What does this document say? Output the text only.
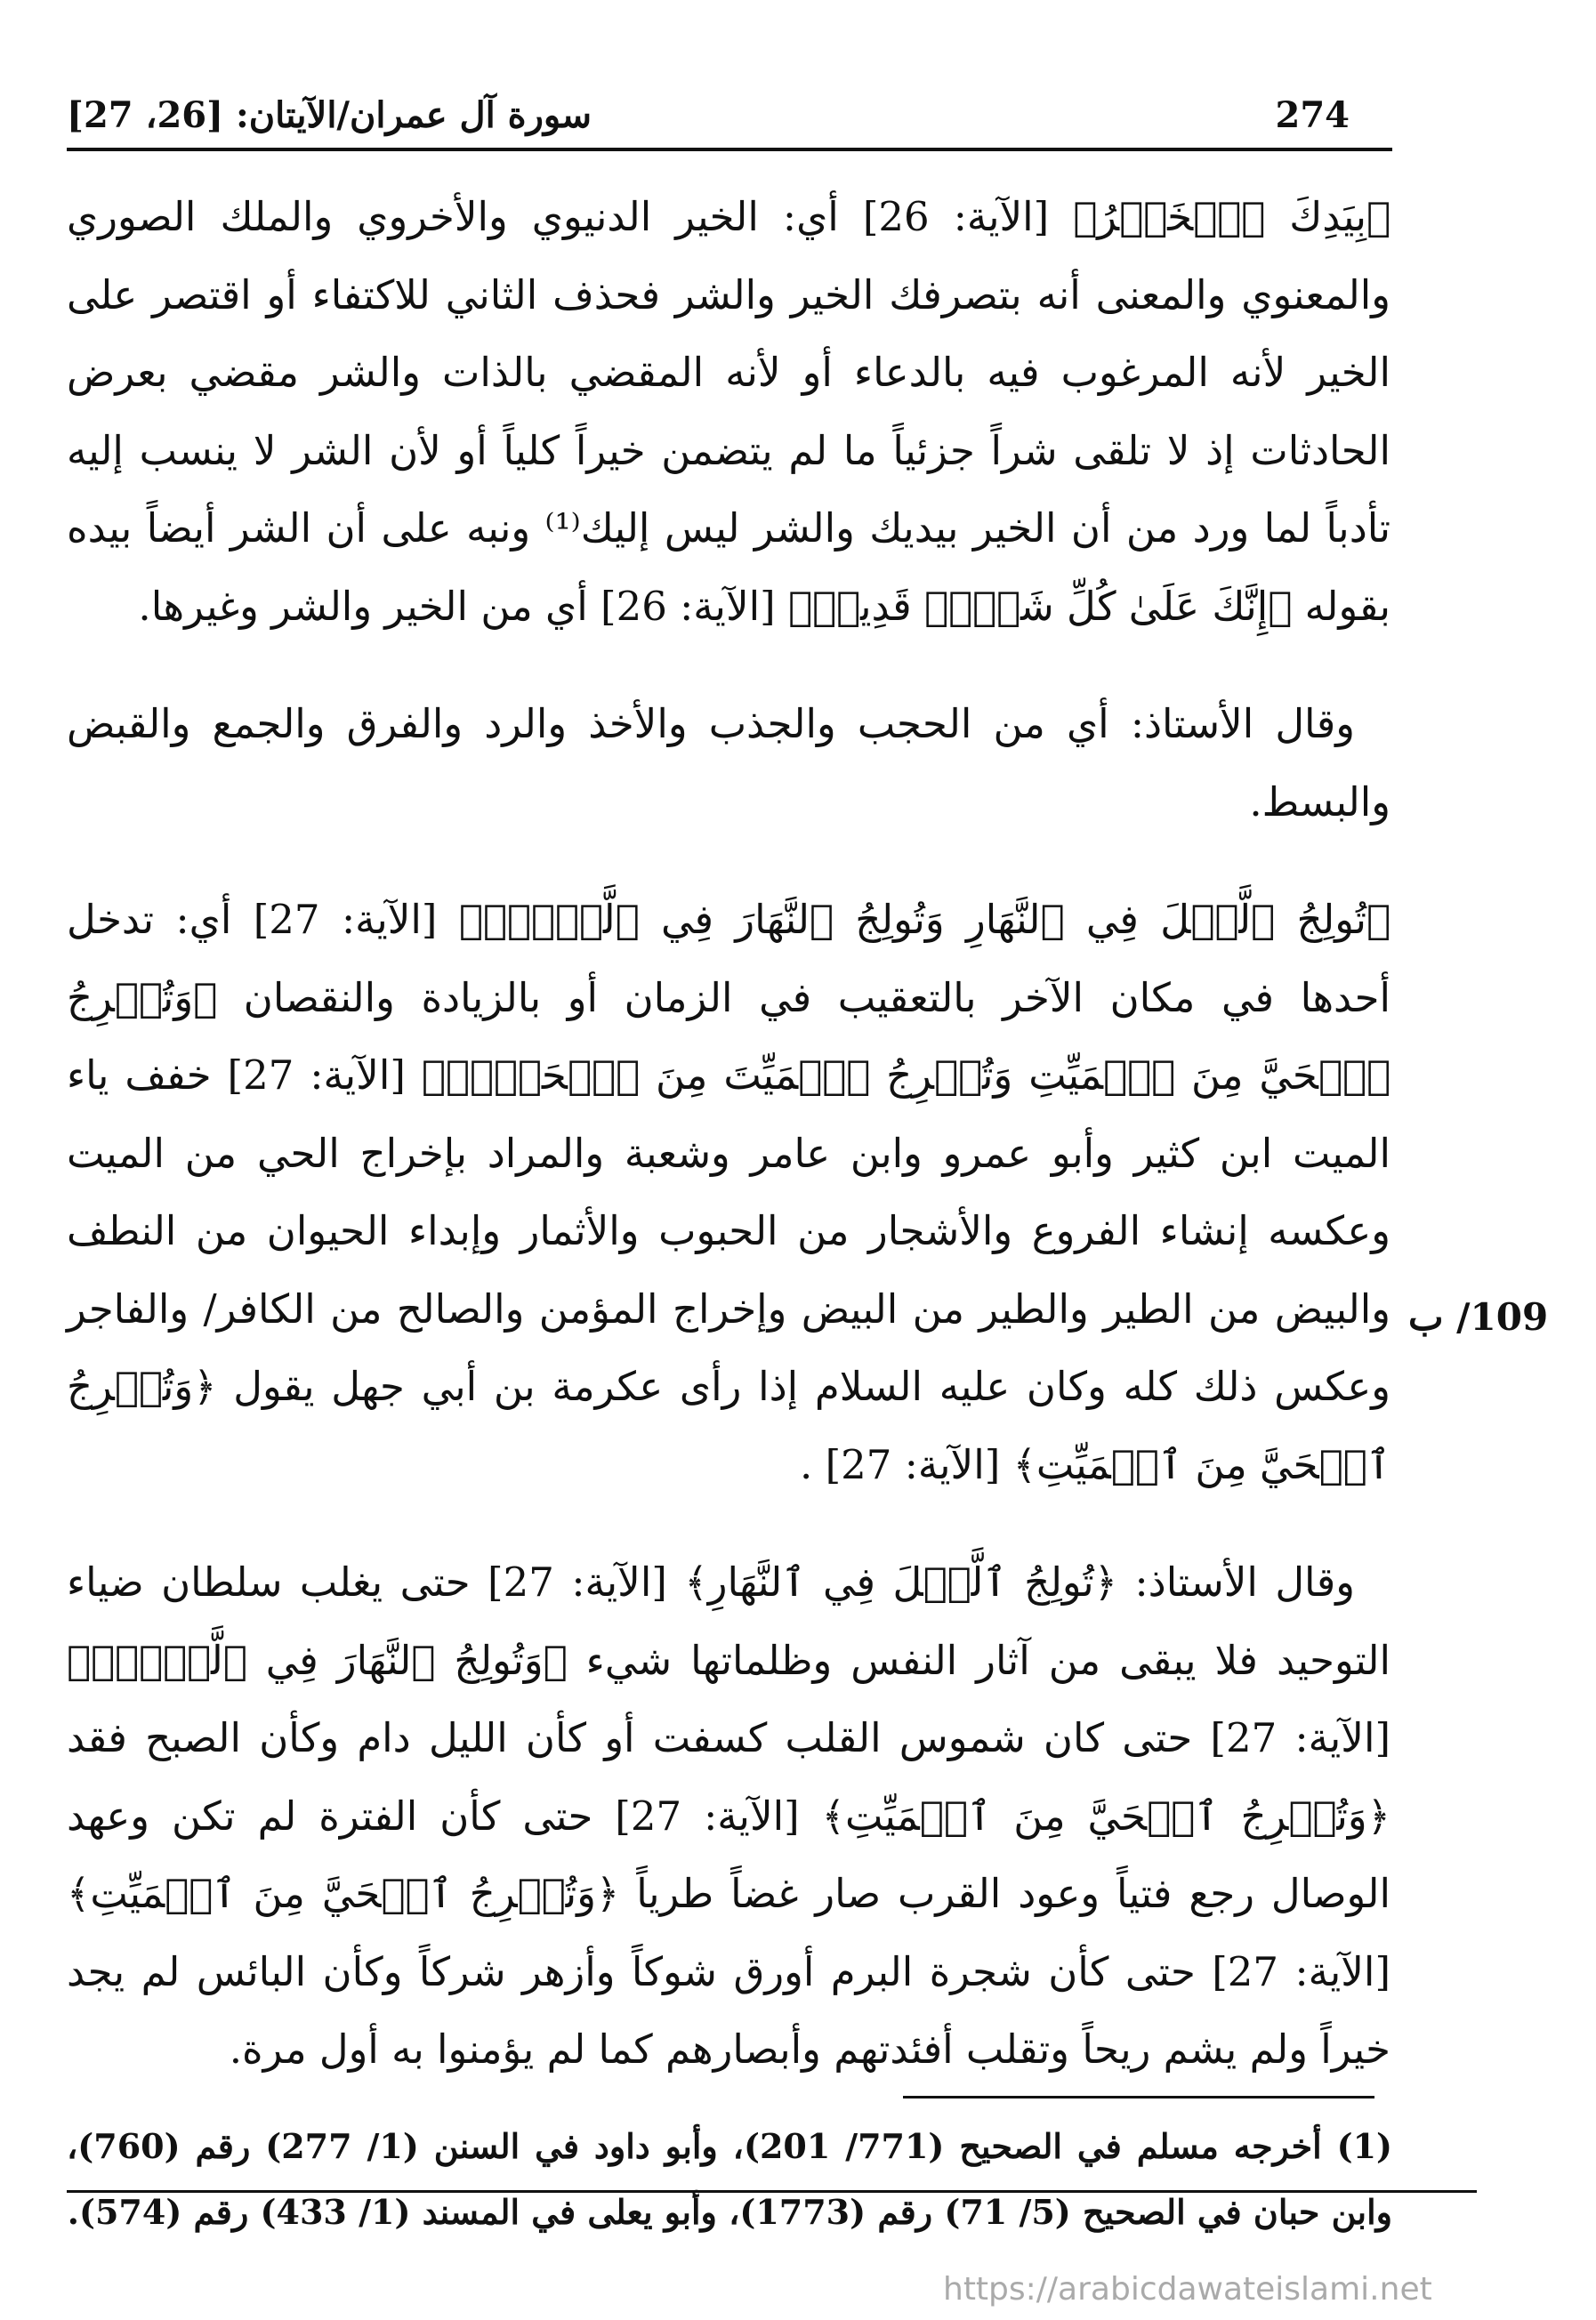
274
سورة آل عمران/الآيتان: [26، 27]

﴿بِيَدِكَ ٱلۡخَيۡرُ﴾ [الآية: 26] أي: الخير الدنيوي والأخروي والملك الصوري والمعنوي والمعنى أنه بتصرفك الخير والشر فحذف الثاني للاكتفاء أو اقتصر على الخير لأنه المرغوب فيه بالدعاء أو لأنه المقضي بالذات والشر مقضي بعرض الحادثات إذ لا تلقى شراً جزئياً ما لم يتضمن خيراً كلياً أو لأن الشر لا ينسب إليه تأدباً لما ورد من أن الخير بيديك والشر ليس إليك⁽¹⁾ ونبه على أن الشر أيضاً بيده بقوله ﴿إِنَّكَ عَلَىٰ كُلِّ شَيۡءٖ قَدِيرٞ﴾ [الآية: 26] أي من الخير والشر وغيرها.

وقال الأستاذ: أي من الحجب والجذب والأخذ والرد والفرق والجمع والقبض والبسط.

﴿تُولِجُ ٱلَّيۡلَ فِي ٱلنَّهَارِ وَتُولِجُ ٱلنَّهَارَ فِي ٱلَّيۡلِۖ﴾ [الآية: 27] أي: تدخل أحدها في مكان الآخر بالتعقيب في الزمان أو بالزيادة والنقصان ﴿وَتُخۡرِجُ ٱلۡحَيَّ مِنَ ٱلۡمَيِّتِ وَتُخۡرِجُ ٱلۡمَيِّتَ مِنَ ٱلۡحَيِّۖ﴾ [الآية: 27] خفف ياء الميت ابن كثير وأبو عمرو وابن عامر وشعبة والمراد بإخراج الحي من الميت وعكسه إنشاء الفروع والأشجار من الحبوب والأثمار وإبداء الحيوان من النطف والبيض من الطير والطير من البيض وإخراج المؤمن والصالح من الكافر/ والفاجر وعكس ذلك كله وكان عليه السلام إذا رأى عكرمة بن أبي جهل يقول ﴿وَتُخۡرِجُ ٱلۡحَيَّ مِنَ ٱلۡمَيِّتِ﴾ [الآية: 27] .

وقال الأستاذ: ﴿تُولِجُ ٱلَّيۡلَ فِي ٱلنَّهَارِ﴾ [الآية: 27] حتى يغلب سلطان ضياء التوحيد فلا يبقى من آثار النفس وظلماتها شيء ﴿وَتُولِجُ ٱلنَّهَارَ فِي ٱلَّيۡلِۖ﴾ [الآية: 27] حتى كان شموس القلب كسفت أو كأن الليل دام وكأن الصبح فقد ﴿وَتُخۡرِجُ ٱلۡحَيَّ مِنَ ٱلۡمَيِّتِ﴾ [الآية: 27] حتى كأن الفترة لم تكن وعهد الوصال رجع فتياً وعود القرب صار غضاً طرياً ﴿وَتُخۡرِجُ ٱلۡحَيَّ مِنَ ٱلۡمَيِّتِ﴾ [الآية: 27] حتى كأن شجرة البرم أورق شوكاً وأزهر شركاً وكأن البائس لم يجد خيراً ولم يشم ريحاً وتقلب أفئدتهم وأبصارهم كما لم يؤمنوا به أول مرة.

109/ ب
(1) أخرجه مسلم في الصحيح (771/ 201)، وأبو داود في السنن (1/ 277) رقم (760)، وابن حبان في الصحيح (5/ 71) رقم (1773)، وأبو يعلى في المسند (1/ 433) رقم (574).
https://arabicdawateislami.net
